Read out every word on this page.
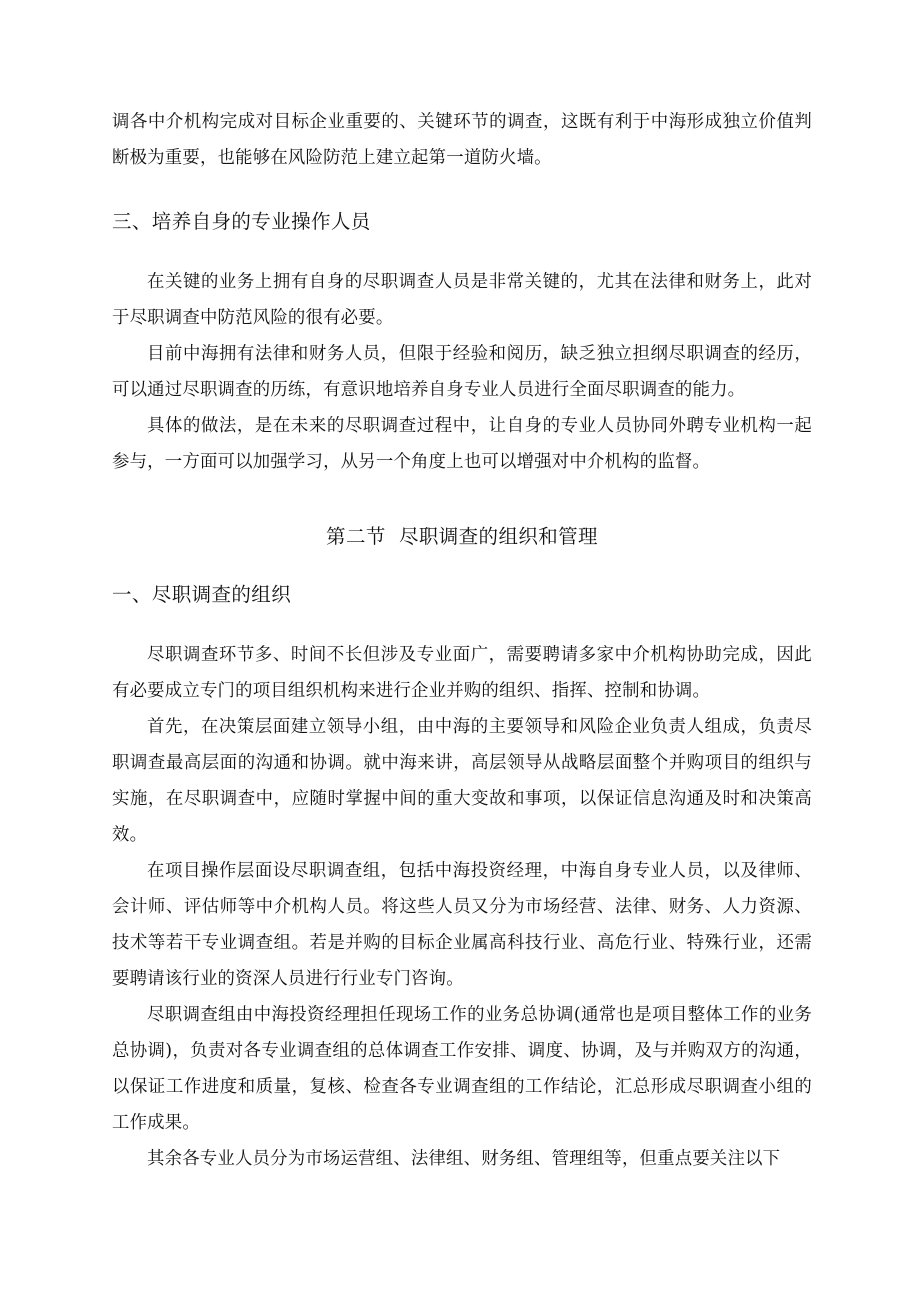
调各中介机构完成对目标企业重要的、关键环节的调查，这既有利于中海形成独立价值判断极为重要，也能够在风险防范上建立起第一道防火墙。

三、培养自身的专业操作人员

在关键的业务上拥有自身的尽职调查人员是非常关键的，尤其在法律和财务上，此对于尽职调查中防范风险的很有必要。

目前中海拥有法律和财务人员，但限于经验和阅历，缺乏独立担纲尽职调查的经历，可以通过尽职调查的历练，有意识地培养自身专业人员进行全面尽职调查的能力。

具体的做法，是在未来的尽职调查过程中，让自身的专业人员协同外聘专业机构一起参与，一方面可以加强学习，从另一个角度上也可以增强对中介机构的监督。

第二节  尽职调查的组织和管理
一、尽职调查的组织

尽职调查环节多、时间不长但涉及专业面广，需要聘请多家中介机构协助完成，因此有必要成立专门的项目组织机构来进行企业并购的组织、指挥、控制和协调。

首先，在决策层面建立领导小组，由中海的主要领导和风险企业负责人组成，负责尽职调查最高层面的沟通和协调。就中海来讲，高层领导从战略层面整个并购项目的组织与实施，在尽职调查中，应随时掌握中间的重大变故和事项，以保证信息沟通及时和决策高效。

在项目操作层面设尽职调查组，包括中海投资经理，中海自身专业人员，以及律师、会计师、评估师等中介机构人员。将这些人员又分为市场经营、法律、财务、人力资源、技术等若干专业调查组。若是并购的目标企业属高科技行业、高危行业、特殊行业，还需要聘请该行业的资深人员进行行业专门咨询。

尽职调查组由中海投资经理担任现场工作的业务总协调(通常也是项目整体工作的业务总协调)，负责对各专业调查组的总体调查工作安排、调度、协调，及与并购双方的沟通，以保证工作进度和质量，复核、检查各专业调查组的工作结论，汇总形成尽职调查小组的工作成果。

其余各专业人员分为市场运营组、法律组、财务组、管理组等，但重点要关注以下
